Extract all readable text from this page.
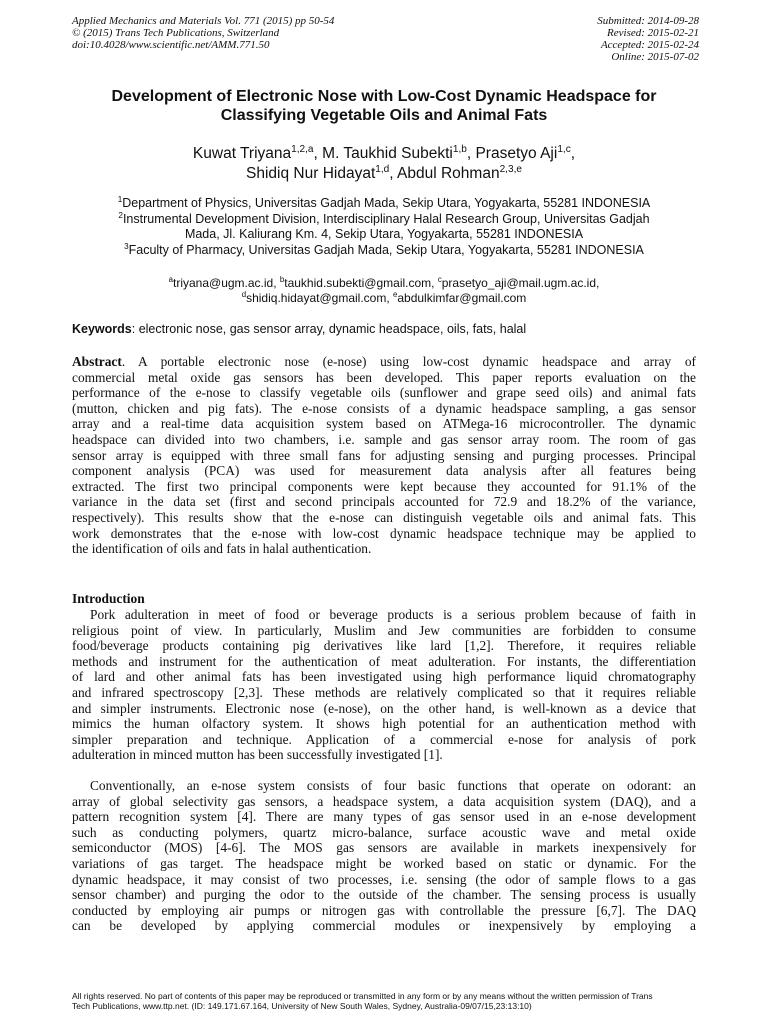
Applied Mechanics and Materials Vol. 771 (2015) pp 50-54
© (2015) Trans Tech Publications, Switzerland
doi:10.4028/www.scientific.net/AMM.771.50
Submitted: 2014-09-28
Revised: 2015-02-21
Accepted: 2015-02-24
Online: 2015-07-02
Development of Electronic Nose with Low-Cost Dynamic Headspace for
Classifying Vegetable Oils and Animal Fats
Kuwat Triyana$^{1,2,a}$, M. Taukhid Subekti$^{1,b}$, Prasetyo Aji$^{1,c}$,
Shidiq Nur Hidayat$^{1,d}$, Abdul Rohman$^{2,3,e}$
$^1$Department of Physics, Universitas Gadjah Mada, Sekip Utara, Yogyakarta, 55281 INDONESIA
$^2$Instrumental Development Division, Interdisciplinary Halal Research Group, Universitas Gadjah
Mada, Jl. Kaliurang Km. 4, Sekip Utara, Yogyakarta, 55281 INDONESIA
$^3$Faculty of Pharmacy, Universitas Gadjah Mada, Sekip Utara, Yogyakarta, 55281 INDONESIA
$^a$triyana@ugm.ac.id, $^b$taukhid.subekti@gmail.com, $^c$prasetyo_aji@mail.ugm.ac.id,
$^d$shidiq.hidayat@gmail.com, $^e$abdulkimfar@gmail.com
Keywords: electronic nose, gas sensor array, dynamic headspace, oils, fats, halal
Abstract. A portable electronic nose (e-nose) using low-cost dynamic headspace and array of
commercial metal oxide gas sensors has been developed. This paper reports evaluation on the
performance of the e-nose to classify vegetable oils (sunflower and grape seed oils) and animal fats
(mutton, chicken and pig fats). The e-nose consists of a dynamic headspace sampling, a gas sensor
array and a real-time data acquisition system based on ATMega-16 microcontroller. The dynamic
headspace can divided into two chambers, i.e. sample and gas sensor array room. The room of gas
sensor array is equipped with three small fans for adjusting sensing and purging processes. Principal
component analysis (PCA) was used for measurement data analysis after all features being
extracted. The first two principal components were kept because they accounted for 91.1% of the
variance in the data set (first and second principals accounted for 72.9 and 18.2% of the variance,
respectively). This results show that the e-nose can distinguish vegetable oils and animal fats. This
work demonstrates that the e-nose with low-cost dynamic headspace technique may be applied to
the identification of oils and fats in halal authentication.
Introduction
Pork adulteration in meet of food or beverage products is a serious problem because of faith in
religious point of view. In particularly, Muslim and Jew communities are forbidden to consume
food/beverage products containing pig derivatives like lard [1,2]. Therefore, it requires reliable
methods and instrument for the authentication of meat adulteration. For instants, the differentiation
of lard and other animal fats has been investigated using high performance liquid chromatography
and infrared spectroscopy [2,3]. These methods are relatively complicated so that it requires reliable
and simpler instruments. Electronic nose (e-nose), on the other hand, is well-known as a device that
mimics the human olfactory system. It shows high potential for an authentication method with
simpler preparation and technique. Application of a commercial e-nose for analysis of pork
adulteration in minced mutton has been successfully investigated [1].
Conventionally, an e-nose system consists of four basic functions that operate on odorant: an
array of global selectivity gas sensors, a headspace system, a data acquisition system (DAQ), and a
pattern recognition system [4]. There are many types of gas sensor used in an e-nose development
such as conducting polymers, quartz micro-balance, surface acoustic wave and metal oxide
semiconductor (MOS) [4-6]. The MOS gas sensors are available in markets inexpensively for
variations of gas target. The headspace might be worked based on static or dynamic. For the
dynamic headspace, it may consist of two processes, i.e. sensing (the odor of sample flows to a gas
sensor chamber) and purging the odor to the outside of the chamber. The sensing process is usually
conducted by employing air pumps or nitrogen gas with controllable the pressure [6,7]. The DAQ
can be developed by applying commercial modules or inexpensively by employing a
All rights reserved. No part of contents of this paper may be reproduced or transmitted in any form or by any means without the written permission of Trans
Tech Publications, www.ttp.net. (ID: 149.171.67.164, University of New South Wales, Sydney, Australia-09/07/15,23:13:10)
